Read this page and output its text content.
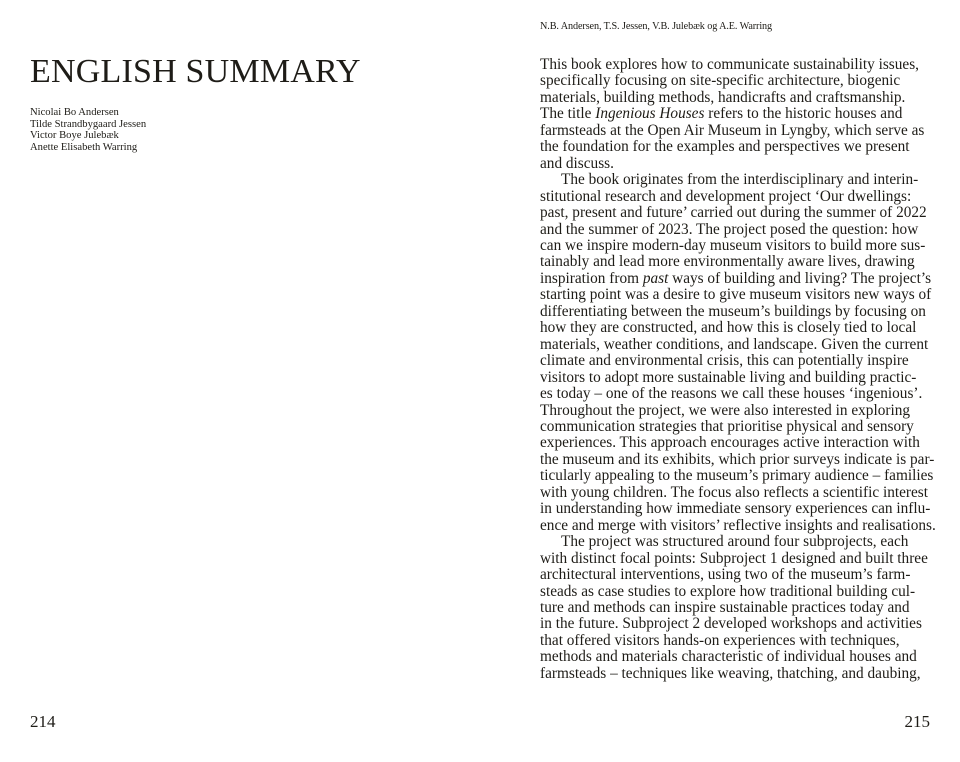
ENGLISH SUMMARY
Nicolai Bo Andersen
Tilde Strandbygaard Jessen
Victor Boye Julebæk
Anette Elisabeth Warring
214
N.B. Andersen, T.S. Jessen, V.B. Julebæk og A.E. Warring
This book explores how to communicate sustainability issues,
specifically focusing on site-specific architecture, biogenic
materials, building methods, handicrafts and craftsmanship.
The title Ingenious Houses refers to the historic houses and
farmsteads at the Open Air Museum in Lyngby, which serve as
the foundation for the examples and perspectives we present
and discuss.
The book originates from the interdisciplinary and interin-
stitutional research and development project ‘Our dwellings:
past, present and future’ carried out during the summer of 2022
and the summer of 2023. The project posed the question: how
can we inspire modern-day museum visitors to build more sus-
tainably and lead more environmentally aware lives, drawing
inspiration from past ways of building and living? The project’s
starting point was a desire to give museum visitors new ways of
differentiating between the museum’s buildings by focusing on
how they are constructed, and how this is closely tied to local
materials, weather conditions, and landscape. Given the current
climate and environmental crisis, this can potentially inspire
visitors to adopt more sustainable living and building practic-
es today – one of the reasons we call these houses ‘ingenious’.
Throughout the project, we were also interested in exploring
communication strategies that prioritise physical and sensory
experiences. This approach encourages active interaction with
the museum and its exhibits, which prior surveys indicate is par-
ticularly appealing to the museum’s primary audience – families
with young children. The focus also reflects a scientific interest
in understanding how immediate sensory experiences can influ-
ence and merge with visitors’ reflective insights and realisations.
The project was structured around four subprojects, each
with distinct focal points: Subproject 1 designed and built three
architectural interventions, using two of the museum’s farm-
steads as case studies to explore how traditional building cul-
ture and methods can inspire sustainable practices today and
in the future. Subproject 2 developed workshops and activities
that offered visitors hands-on experiences with techniques,
methods and materials characteristic of individual houses and
farmsteads – techniques like weaving, thatching, and daubing,
215
